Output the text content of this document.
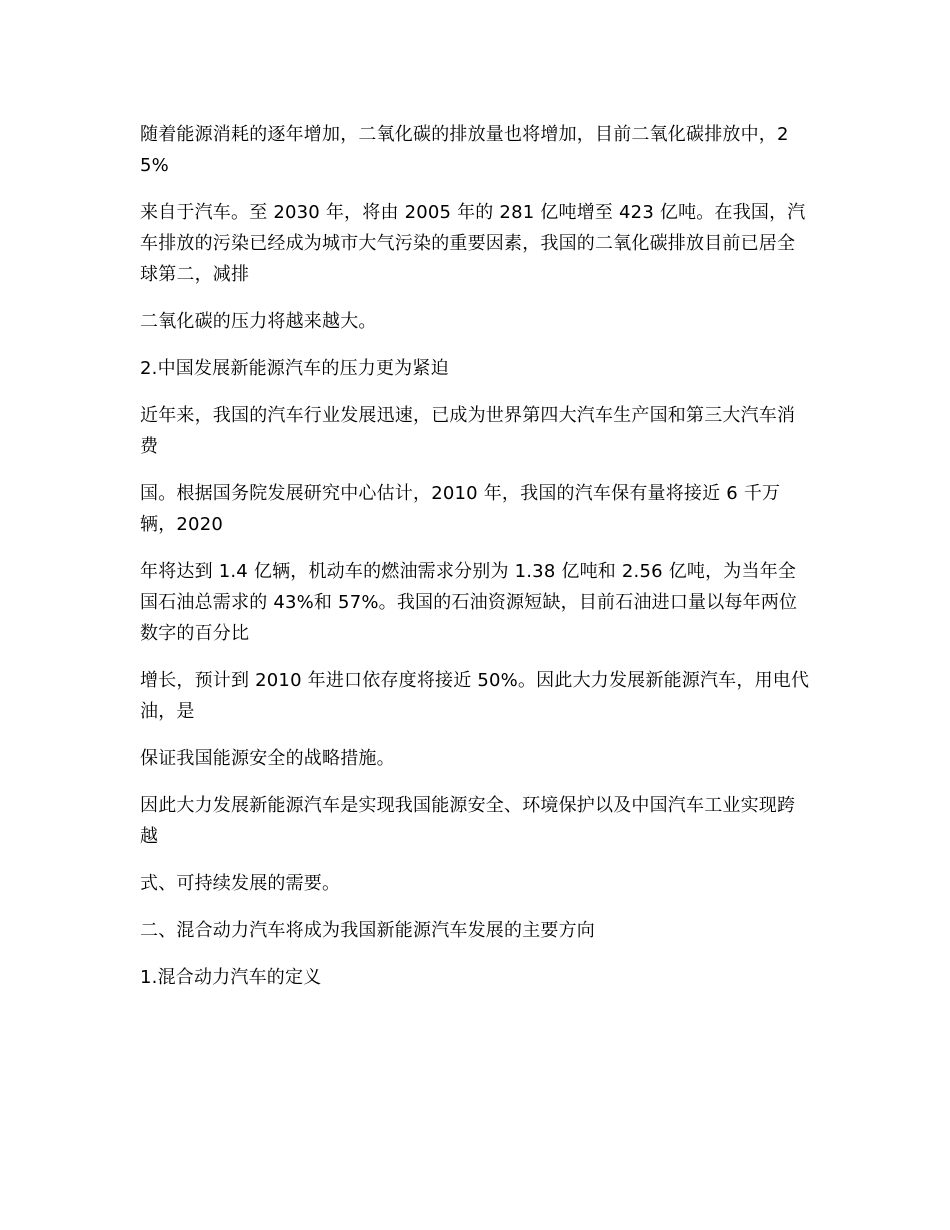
随着能源消耗的逐年增加，二氧化碳的排放量也将增加，目前二氧化碳排放中，25%

来自于汽车。至 2030 年，将由 2005 年的 281 亿吨增至 423 亿吨。在我国，汽车排放的污染已经成为城市大气污染的重要因素，我国的二氧化碳排放目前已居全球第二，减排

二氧化碳的压力将越来越大。

2.中国发展新能源汽车的压力更为紧迫

近年来，我国的汽车行业发展迅速，已成为世界第四大汽车生产国和第三大汽车消费

国。根据国务院发展研究中心估计，2010 年，我国的汽车保有量将接近 6 千万辆，2020

年将达到 1.4 亿辆，机动车的燃油需求分别为 1.38 亿吨和 2.56 亿吨，为当年全国石油总需求的 43%和 57%。我国的石油资源短缺，目前石油进口量以每年两位数字的百分比

增长，预计到 2010 年进口依存度将接近 50%。因此大力发展新能源汽车，用电代油，是

保证我国能源安全的战略措施。

因此大力发展新能源汽车是实现我国能源安全、环境保护以及中国汽车工业实现跨越

式、可持续发展的需要。

二、混合动力汽车将成为我国新能源汽车发展的主要方向

1.混合动力汽车的定义
